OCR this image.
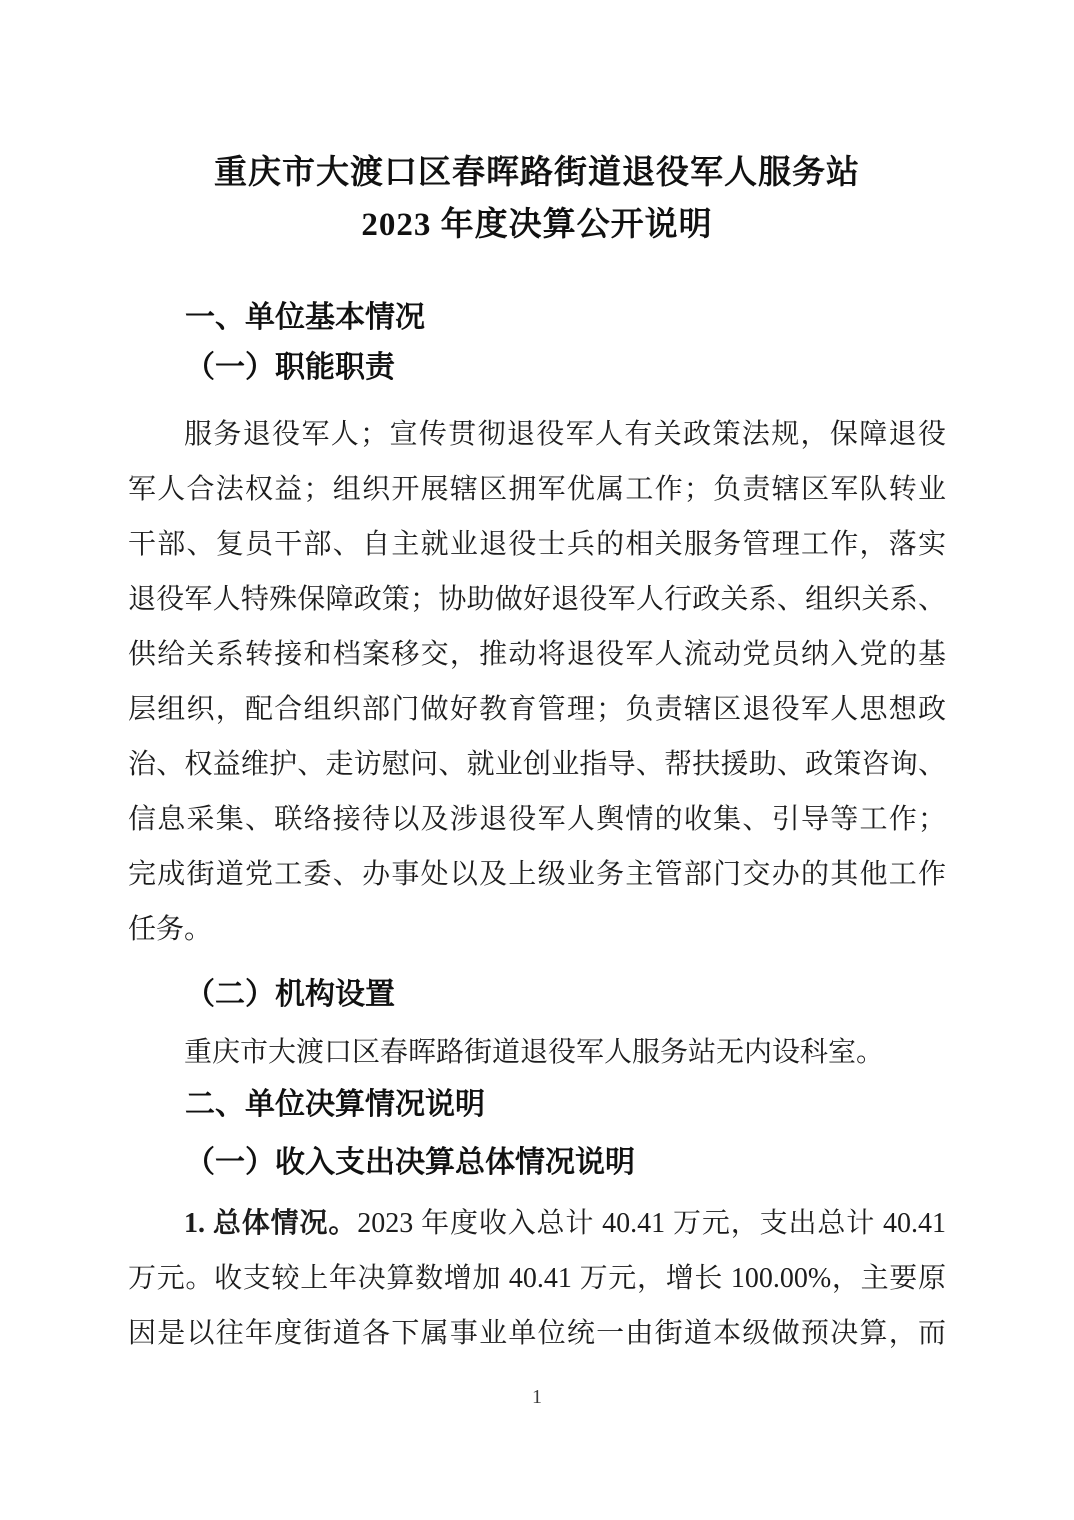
重庆市大渡口区春晖路街道退役军人服务站
2023 年度决算公开说明
一、单位基本情况
（一）职能职责
服务退役军人；宣传贯彻退役军人有关政策法规，保障退役
军人合法权益；组织开展辖区拥军优属工作；负责辖区军队转业
干部、复员干部、自主就业退役士兵的相关服务管理工作，落实
退役军人特殊保障政策；协助做好退役军人行政关系、组织关系、
供给关系转接和档案移交，推动将退役军人流动党员纳入党的基
层组织，配合组织部门做好教育管理；负责辖区退役军人思想政
治、权益维护、走访慰问、就业创业指导、帮扶援助、政策咨询、
信息采集、联络接待以及涉退役军人舆情的收集、引导等工作；
完成街道党工委、办事处以及上级业务主管部门交办的其他工作
任务。
（二）机构设置
重庆市大渡口区春晖路街道退役军人服务站无内设科室。
二、单位决算情况说明
（一）收入支出决算总体情况说明
1. 总体情况。2023 年度收入总计 40.41 万元，支出总计 40.41
万元。收支较上年决算数增加 40.41 万元，增长 100.00%，主要原
因是以往年度街道各下属事业单位统一由街道本级做预决算，而
1
